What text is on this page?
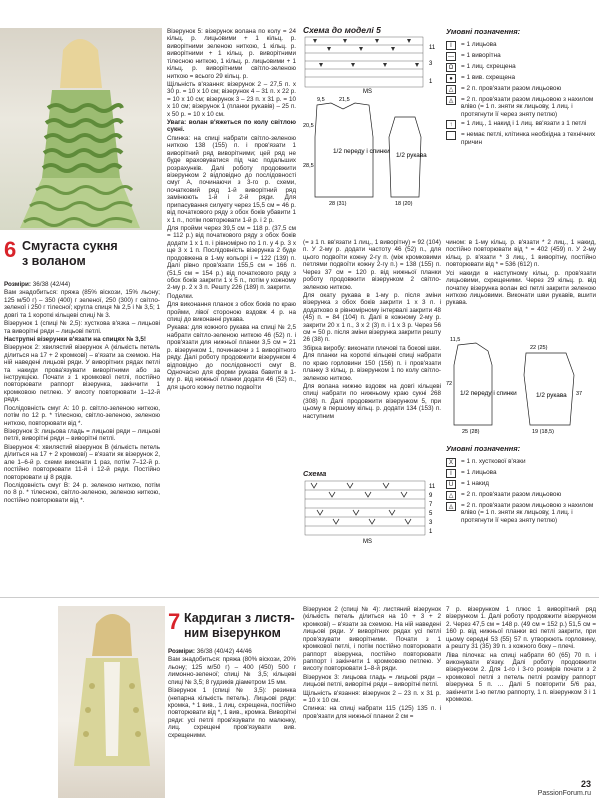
6 Смугаста сукня
з воланом

Розміри: 36/38 (42/44)

Вам знадобиться: пряжа (85% віскози, 15% льону; 125 м/50 г) – 350 (400) г зеленої, 250 (300) г світло-зеленої і 250 г тілесної; кругла спиця № 2,5 і № 3,5; 1 довгі та 1 короткі кільцеві спиці № 3.

Візерунок 1 (спиці № 2,5): хусткова в'язка – лицьові та виворітні ряди – лицьові петлі.

Наструпні візерунки в'язати на спицях № 3,5!

Візерунок 2: хвилястий візерунок А (кількість петель ділиться на 17 + 2 кромкові) – в'язати за схемою. На ній наведені лицьові ряди. У виворітних рядах петлі та накиди прова'язувати виворітними або за інструкцією. Почати з 1 кромкової петлі, постійно повторювати раппорт візерунка, закінчити 1 кромковою петлею. У висоту повторювати 1–12-й ряди.

Послідовність смуг А: 10 р. світло-зеленою ниткою, потім по 12 р. * тілесною, світло-зеленою, зеленою ниткою, повторювати від *.

Візерунок 3: лицьова гладь = лицьові ряди – лицьові петлі, виворітні ряди – виворітні петлі.

Візерунок 4: хвилястий візерунок В (кількість петель ділиться на 17 + 2 кромкові) – в'язати як візерунок 2, але 1–6-й р. схеми виконати 1 раз, потім 7–12-й р. постійно повторювати 11-й і 12-й ряди. Постійно повторювати ці 8 рядів.

Послідовність смуг В: 24 р. зеленою ниткою, потім по 8 р. * тілесною, світло-зеленою, зеленою ниткою, постійно повторювати від *.

Візерунок 5: візерунок волана по колу = 24 кільц. р. лицьовими + 1 кільц. р. виворітними зеленою ниткою, 1 кільц. р. виворітними + 1 кільц. р. виворітними тілесною ниткою, 1 кільц. р. лицьовими + 1 кільц. р. виворітними світло-зеленою ниткою = всього 29 кільц. р.

Щільність в'язання: візерунок 2 – 27,5 п. х 30 р. = 10 х 10 см; візерунок 4 – 31 п. х 22 р. = 10 х 10 см; візерунок 3 – 23 п. х 31 р. = 10 х 10 см; візерунок 1 (планки рукавів) – 25 п. х 50 р. = 10 х 10 см.

Увага: волан в'яжеться по колу світлою сукні.

Спинка: на спиці набрати світло-зеленою ниткою 138 (155) п. і пров'язати 1 виворітний ряд виворітними; цей ряд не буде враховуватися під час подальших розрахунків. Далі роботу продовжити візерунком 2 відповідно до послідовності смуг А, починаючи з 3-го р. схеми, початковий ряд 1-й виворітний ряд замінюють 1-й і 2-й ряди. Для припасування силуету через 15,5 см = 46 р. від початкового ряду з обох боків убавити 1 х 1 п., потім повторювати 1-й р. і 2 р.

Для пройми через 39,5 см = 118 р. (37,5 см = 112 р.) від початкового ряду з обох боків додати 1 х 1 п. і рівномірно по 1 п. у 4 р. 3 х ще 3 х 1 п. Послідовність візерунка 2 буде продовжена в 1-му кольорі і = 122 (139) п. Далі рівно пров'язати 155,5 см = 166 п. (51,5 см = 154 р.) від початкового ряду з обох боків закрити 1 х 5 п., потім у кожному 2-му р. 2 х 3 п. Решту 226 (189) п. закрити.

Поделки.

Для виконання планок з обох боків по краю пройми, лівої стороною вздовж 4 р. на спиці до виконанні рукава.

Рукава: для кожного рукава на спиці № 2,5 набрати світло-зеленою ниткою 46 (52) п. і пров'язати для нижньої планки 3,5 см = 21 р. візерунком 1, починаючи з 1 виворітного ряду. Далі роботу продовжити візерунком 4 відповідно до послідовності смуг В. Одночасно для форми рукава бавити в 1-му р. від нижньої планки додати 46 (52) п., для цього кожну петлю подвоїти

Схема до моделі 5
11
3
1
MS

1/2 переду і спинки
1/2 рукава
9,5	21,5
20,5
28,5
28 (31)	18 (20)
Умовні позначення:
I	= 1 лицьова
—	= 1 виворітна
Ω	= 1 лиц. схрещена
●	= 1 вив. схрещена
△	= 2 п. пров'язати разом лицьовою
◬	= 2 п. пров'язати разом лицьовою з нахилом вліво (= 1 п. зняти як лицьову, 1 лиц. і протягнути її через зняту петлю)
↑	= 1 лиц., 1 накид і 1 лиц. вв'язати з 1 петлі
= немає петлі, клітинка необхідна з технічних причин

(= з 1 п. вв'язати 1 лиц., 1 виворітну) = 92 (104) п. У 2-му р. додати частоту 46 (52) п., для цього подвоїти кожну 2-гу п. (між кромковими петлями подвоїти кожну 2-гу п.) = 138 (155) п. Через 37 см = 120 р. від нижньої планки роботу продовжити візерунком 2 світло-зеленою ниткою.

Для окату рукава в 1-му р. після зміни візерунка з обох боків закрити 1 х 3 п. і додатково в рівномірному інтервалі закрити 48 (45) п. = 84 (104) п. Далі в кожному 2-му р. закрити 20 х 1 п., 3 х 2 (3) п. і 1 х 3 р. Через 56 см = 50 р. після зміни візерунка закрити решту 26 (38) п.

Збірка виробу: виконати плечові та бокові шви. Для планки на короткі кільцеві спиці набрати по краю горловини 150 (156) п. і пров'язати планку 3 кільц. р. візерунком 1 по колу світло-зеленою ниткою.

Для волана нижню вздовж на довгі кільцеві спиці набрати по нижньому краю сукні 268 (308) п. Далі продовжити візерунком 5, при цьому в першому кільц. р. додати 134 (153) п. наступним

чином: в 1-му кільц. р. в'язати * 2 лиц., 1 накид, постійно повторювати від * = 402 (459) п. У 2-му кільц. р. в'язати * 3 лиц., 1 виворітну, постійно повторювати від * = 536 (612) п.

Усі накиди в наступному кільц. р. пров'язати лицьовими, схрещеними. Через 29 кільц. р. від початку візерунка волан всі петлі закрити зеленою ниткою лицьовими. Виконати шви рукавів, вшити рукава.

1/2 переду і спинки	1/2 рукава
11,5
22 (25)
72
37
25 (28)	19 (18,5)
Схема
11
9
7
5
3
1
MS
Умовні позначення:
X	= 1 п. хусткової в'язки
I	= 1 лицьова
U	= 1 накид
△	= 2 п. пров'язати разом лицьовою
◬	= 2 п. пров'язати разом лицьовою з нахилом вліво (= 1 п. зняти як лицьову, 1 лиц. і протягнути її через зняту петлю)
7 Кардиган з листя-
ним візерунком

Розміри: 36/38 (40/42) 44/46

Вам знадобиться: пряжа (80% віскози, 20% льону; 125 м/50 г) – 400 (450) 500 г лимонно-зеленої; спиці № 3,5; кільцеві спиці № 3,5; 8 гудзиків діаметром 15 мм.

Візерунок 1 (спиці № 3,5): резинка (непарна кількість петель). Лицьові ряди: кромка, * 1 вив., 1 лиц. схрещена, постійно повторювати від *, 1 вив., кромка. Виворітні ряди: усі петлі пров'язувати по малюнку, лиц. схрещені пров'язувати вив. схрещеними.

Візерунок 2 (спиці № 4): листяний візерунок (кількість петель ділиться на 10 + 3 + 2 кромкові) – в'язати за схемою. На ній наведені лицьові ряди. У виворітних рядах усі петлі пров'язувати виворітними. Почати з 1 кромкової петлі, і потім постійно повторювати раппорт візерунка, постійно повторювати раппорт і закінчити 1 кромковою петлею. У висоту повторювати 1–8-й ряди.

Візерунок 3: лицьова гладь = лицьові ряди – лицьові петлі, виворітні ряди – виворітні петлі.

Щільність в'язання: візерунок 2 – 23 п. х 31 р. = 10 х 10 см.

Спинка: на спиці набрати 115 (125) 135 п. і пров'язати для нижньої планки 2 см =

7 р. візерунком 1 плюс 1 виворітний ряд візерунком 1. Далі роботу продовжити візерунком 2. Через 47,5 см = 148 р. (49 см = 152 р.) 51,5 см = 160 р. від нижньої планки всі петлі закрити, при цьому середні 53 (55) 57 п. утворюють горловину, а решту 31 (35) 39 п. з кожного боку – плечі.

Ліва пілочка: на спиці набрати 60 (65) 70 п. і виконувати в'язку. Далі роботу продовжити візерунком 2. Для 1-го і 3-го розмірів почати з 2 кромкової петлі з петель петлі розміру раппорт візерунка 5 п. … Далі 5 повторити 5/6 раз, закінчити 1-ю петлю раппорту, 1 п. візерунком 3 і 1 кромкою.

23
PassionForum.ru
